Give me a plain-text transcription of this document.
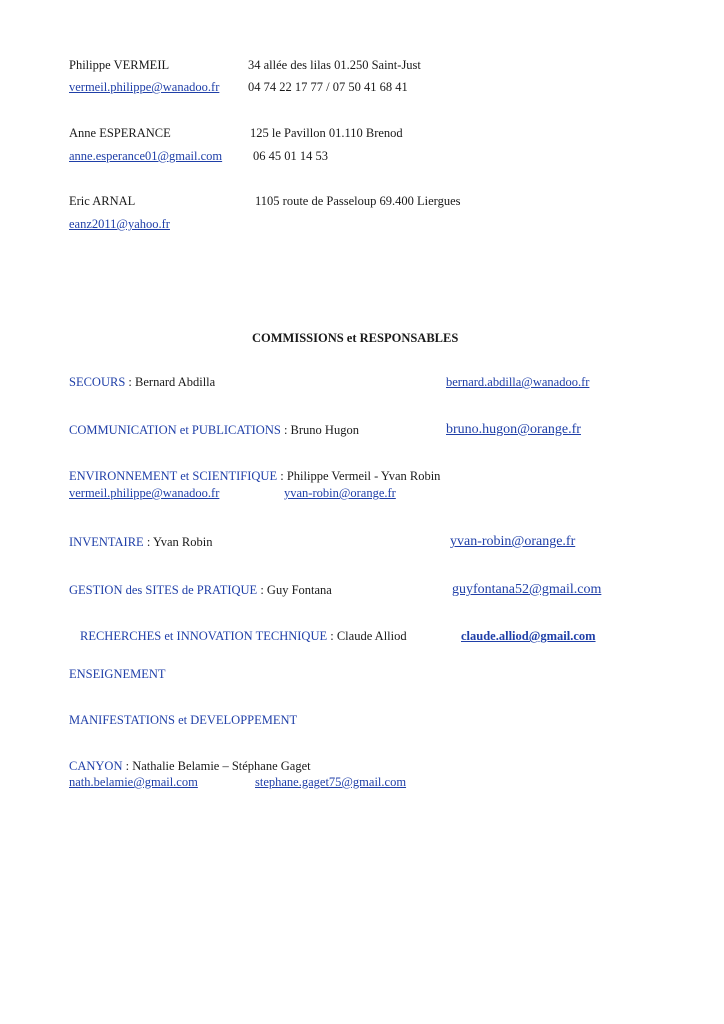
Philippe VERMEIL	34 allée des lilas 01.250 Saint-Just
vermeil.philippe@wanadoo.fr 04 74 22 17 77 / 07 50 41 68 41
Anne ESPERANCE	125 le Pavillon 01.110 Brenod
anne.esperance01@gmail.com 06 45 01 14 53
Eric ARNAL	1105 route de Passeloup 69.400 Liergues
eanz2011@yahoo.fr
COMMISSIONS et RESPONSABLES
SECOURS : Bernard Abdilla	bernard.abdilla@wanadoo.fr
COMMUNICATION et PUBLICATIONS : Bruno Hugon	bruno.hugon@orange.fr
ENVIRONNEMENT et SCIENTIFIQUE : Philippe Vermeil - Yvan Robin
vermeil.philippe@wanadoo.fr	yvan-robin@orange.fr
INVENTAIRE : Yvan Robin	yvan-robin@orange.fr
GESTION des SITES de PRATIQUE : Guy Fontana	guyfontana52@gmail.com
RECHERCHES et INNOVATION TECHNIQUE : Claude Alliod	claude.alliod@gmail.com
ENSEIGNEMENT
MANIFESTATIONS et DEVELOPPEMENT
CANYON : Nathalie Belamie – Stéphane Gaget
nath.belamie@gmail.com	stephane.gaget75@gmail.com
